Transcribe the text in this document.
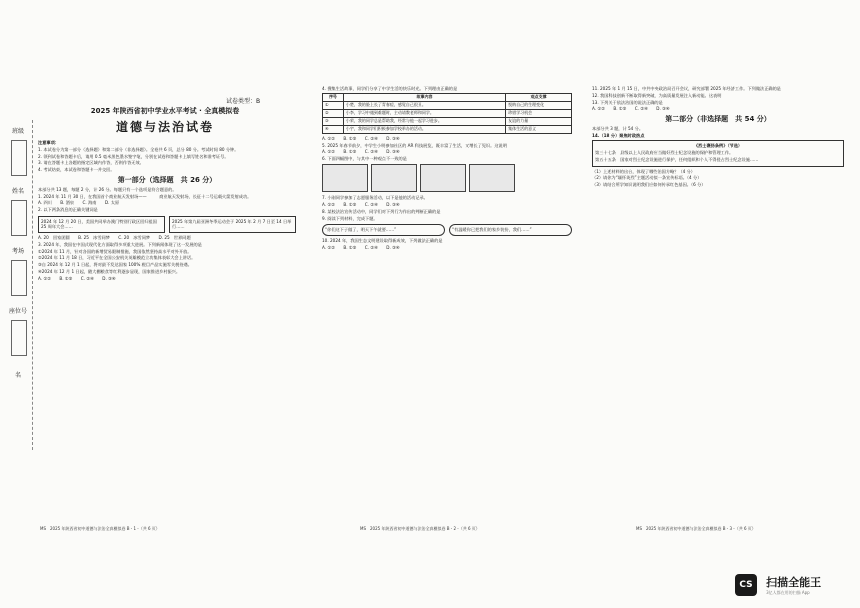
班级
姓名
考场
座位号
名
试卷类型：B
2025 年陕西省初中学业水平考试 · 全真模拟卷
道德与法治试卷

注意事项：

1. 本试卷分为第一部分（选择题）和第二部分（非选择题）。全卷共 6 页，总分 80 分。考试时间 80 分钟。

2. 领到试卷和答题卡后，请用 0.5 毫米黑色墨水签字笔，分别在试卷和答题卡上填写姓名和准考证号。

3. 请在答题卡上各题的指定区域内作答，否则作答无效。

4. 考试结束，本试卷和答题卡一并交回。

第一部分（选择题　共 26 分）

本部分共 13 题，每题 2 分，计 26 分。每题只有一个选项是符合题意的。

1. 2024 年 11 月 30 日，在我国首个商业航天发射场——　　　商业航天发射场，长征十二号运载火箭发射成功。

A. 四川　　B. 酒泉　　C. 海南　　D. 太原

2. 以下两条消息的正确关键词是

2024 年 12 月 20 日，美国共同举办澳门特别行政区回归祖国 25 周年大会……
2025 年第九届亚洲冬季运动会于 2025 年 2 月 7 日至 14 日举行……

A. 20　回家团圆　　B. 25　冰雪同梦　　C. 20　冰雪同梦　　D. 25　世界同题

3. 2024 年，我国在中国式现代化方面取得多项重大进展。下列新闻体现了这一发展的是

①2024 年 11 月，针对各国的新增贸易限制措施，我国依然坚持高水平对外开放。

②2024 年 11 月 18 日，习近平在全国公安机关英雄模范立功集体表彰大会上讲话。

③自 2024 年 12 月 1 日起，将对最不发达国家 100% 税目产品实施零关税待遇。

④2024 年 12 月 1 日起，随大棚粮食等红利逐步显现，国家推进乡村振兴。

A. ①②　　B. ①③　　C. ②④　　D. ③④

MS　2025 年陕西省初中道德与法治全真模拟卷 B - 1 -（共 6 页）

4. 搜集生活故事，同学们分享了中学生活的快乐时光。下列理由正确的是

序号	故事内容	观点支撑
①	小楚，我的脸上长了青春痘，感觉自己很丑。	悦纳自己的生理变化
②	小李，学习中遇到难题时，主动请教老师和同学。	珍惜学习机会
③	小荣，我的同学总是帮助我，经常与他一起学习进步。	友谊的力量
④	小宇，我和同学们积极参加学校举办的活动。	集体生活的意义

A. ①②　　B. ①③　　C. ②④　　D. ③④

5. 2025 年春节前夕，中学生小明参加社区的 AR 科技展览，既丰富了生活，又增长了见识。这说明

A. ①②　　B. ①③　　C. ②④　　D. ③④

6. 下面四幅图中，与其中一种观点不一致的是

7. 小刚同学参加了志愿服务活动，以下是他的活动记录。

A. ①②　　B. ①③　　C. ②④　　D. ③④

8. 某校法治宣传活动中，同学们对下列行为作出的判断正确的是

9. 阅读下列材料，完成下题。

“你们这下子做了，明天下午就要……”	“有温暖你已把我们的家乡装扮，我们……”

10. 2024 年，我国生态文明建设取得新成效，下列做法正确的是

A. ①②　　B. ①③　　C. ②④　　D. ③④

MS　2025 年陕西省初中道德与法治全真模拟卷 B - 2 -（共 6 页）

11. 2025 年 1 月 15 日，中共中央政治局召开会议，研究部署 2025 年经济工作。下列做法正确的是

12. 我国科技创新不断取得新突破，为高质量发展注入新动能。这表明

13. 下列关于依法治国的说法正确的是

A. ①②　　B. ①③　　C. ②④　　D. ③④

第二部分（非选择题　共 54 分）

本部分共 3 题，计 54 分。

14.（18 分）聚焦时政热点

《烈士褒扬条例》（节选）

第三十七条　县级以上人民政府应当做好烈士纪念设施的保护和管理工作。

第五十五条　国家对烈士纪念设施进行保护，任何组织和个人不得侵占烈士纪念设施……

（1）上述材料的出台，体现了哪些治国方略？（4 分）

（2）请你为“缅怀英烈”主题活动拟一条宣传标语。（4 分）

（3）请结合所学知识说明我们应如何传承红色基因。（6 分）

MS　2025 年陕西省初中道德与法治全真模拟卷 B - 3 -（共 6 页）
CS 扫描全能王
3亿人都在用的扫描 App
